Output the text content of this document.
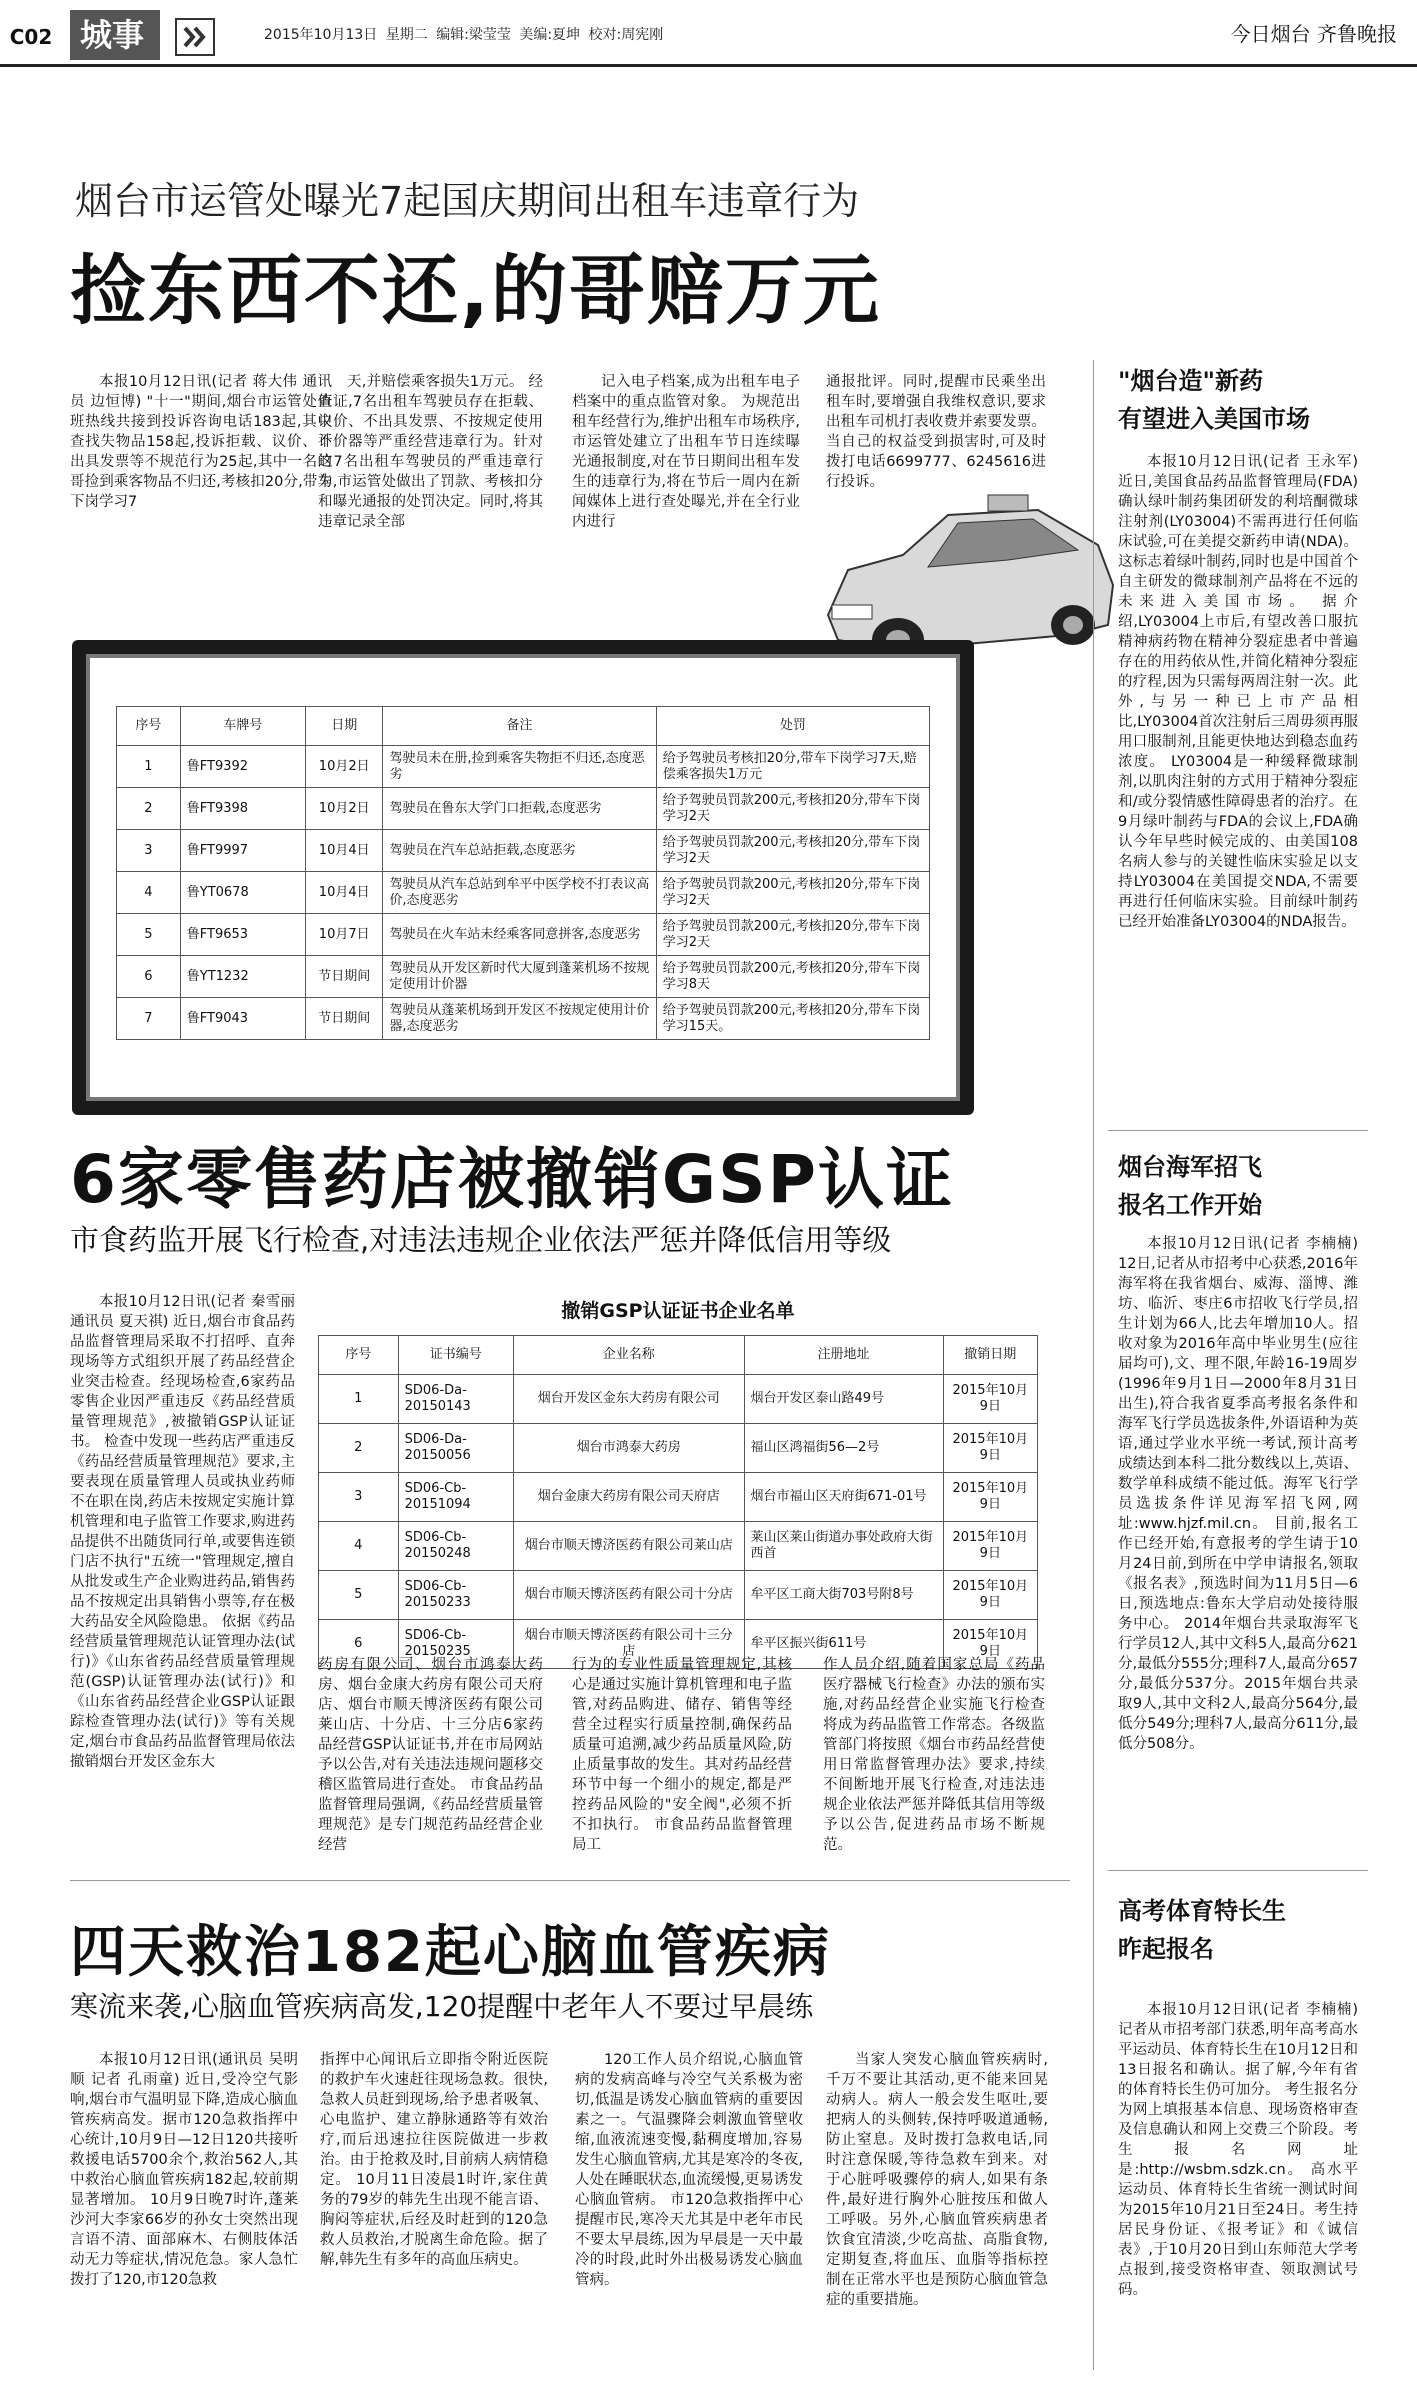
C02 城事	2015年10月13日 星期二 编辑:梁莹莹 美编:夏坤 校对:周宪刚	今日烟台 齐鲁晚报
烟台市运管处曝光7起国庆期间出租车违章行为
捡东西不还,的哥赔万元

本报10月12日讯(记者 蒋大伟 通讯员 边恒博) "十一"期间,烟台市运管处值班热线共接到投诉咨询电话183起,其中查找失物品158起,投诉拒载、议价、不出具发票等不规范行为25起,其中一名的哥捡到乘客物品不归还,考核扣20分,带车下岗学习7

天,并赔偿乘客损失1万元。 经查证,7名出租车驾驶员存在拒载、议价、不出具发票、不按规定使用计价器等严重经营违章行为。针对这7名出租车驾驶员的严重违章行为,市运管处做出了罚款、考核扣分和曝光通报的处罚决定。同时,将其违章记录全部

记入电子档案,成为出租车电子档案中的重点监管对象。 为规范出租车经营行为,维护出租车市场秩序,市运管处建立了出租车节日连续曝光通报制度,对在节日期间出租车发生的违章行为,将在节后一周内在新闻媒体上进行查处曝光,并在全行业内进行

通报批评。同时,提醒市民乘坐出租车时,要增强自我维权意识,要求出租车司机打表收费并索要发票。当自己的权益受到损害时,可及时拨打电话6699777、6245616进行投诉。

序号	车牌号	日期	备注	处罚
1	鲁FT9392	10月2日	驾驶员未在册,捡到乘客失物拒不归还,态度恶劣	给予驾驶员考核扣20分,带车下岗学习7天,赔偿乘客损失1万元
2	鲁FT9398	10月2日	驾驶员在鲁东大学门口拒载,态度恶劣	给予驾驶员罚款200元,考核扣20分,带车下岗学习2天
3	鲁FT9997	10月4日	驾驶员在汽车总站拒载,态度恶劣	给予驾驶员罚款200元,考核扣20分,带车下岗学习2天
4	鲁YT0678	10月4日	驾驶员从汽车总站到牟平中医学校不打表议高价,态度恶劣	给予驾驶员罚款200元,考核扣20分,带车下岗学习2天
5	鲁FT9653	10月7日	驾驶员在火车站未经乘客同意拼客,态度恶劣	给予驾驶员罚款200元,考核扣20分,带车下岗学习2天
6	鲁YT1232	节日期间	驾驶员从开发区新时代大厦到蓬莱机场不按规定使用计价器	给予驾驶员罚款200元,考核扣20分,带车下岗学习8天
7	鲁FT9043	节日期间	驾驶员从蓬莱机场到开发区不按规定使用计价器,态度恶劣	给予驾驶员罚款200元,考核扣20分,带车下岗学习15天。
6家零售药店被撤销GSP认证
市食药监开展飞行检查,对违法违规企业依法严惩并降低信用等级

本报10月12日讯(记者 秦雪丽 通讯员 夏天祺) 近日,烟台市食品药品监督管理局采取不打招呼、直奔现场等方式组织开展了药品经营企业突击检查。经现场检查,6家药品零售企业因严重违反《药品经营质量管理规范》,被撤销GSP认证证书。 检查中发现一些药店严重违反《药品经营质量管理规范》要求,主要表现在质量管理人员或执业药师不在职在岗,药店未按规定实施计算机管理和电子监管工作要求,购进药品提供不出随货同行单,或要售连锁门店不执行"五统一"管理规定,擅自从批发或生产企业购进药品,销售药品不按规定出具销售小票等,存在极大药品安全风险隐患。 依据《药品经营质量管理规范认证管理办法(试行)》《山东省药品经营质量管理规范(GSP)认证管理办法(试行)》和《山东省药品经营企业GSP认证跟踪检查管理办法(试行)》等有关规定,烟台市食品药品监督管理局依法撤销烟台开发区金东大

撤销GSP认证证书企业名单
序号	证书编号	企业名称	注册地址	撤销日期
1	SD06-Da-20150143	烟台开发区金东大药房有限公司	烟台开发区泰山路49号	2015年10月9日
2	SD06-Da-20150056	烟台市鸿泰大药房	福山区鸿福街56—2号	2015年10月9日
3	SD06-Cb-20151094	烟台金康大药房有限公司天府店	烟台市福山区天府街671-01号	2015年10月9日
4	SD06-Cb-20150248	烟台市顺天博济医药有限公司莱山店	莱山区莱山街道办事处政府大街西首	2015年10月9日
5	SD06-Cb-20150233	烟台市顺天博济医药有限公司十分店	牟平区工商大街703号附8号	2015年10月9日
6	SD06-Cb-20150235	烟台市顺天博济医药有限公司十三分店	牟平区振兴街611号	2015年10月9日

药房有限公司、烟台市鸿泰大药房、烟台金康大药房有限公司天府店、烟台市顺天博济医药有限公司莱山店、十分店、十三分店6家药品经营GSP认证证书,并在市局网站予以公告,对有关违法违规问题移交稽区监管局进行查处。 市食品药品监督管理局强调,《药品经营质量管理规范》是专门规范药品经营企业经营

行为的专业性质量管理规定,其核心是通过实施计算机管理和电子监管,对药品购进、储存、销售等经营全过程实行质量控制,确保药品质量可追溯,减少药品质量风险,防止质量事故的发生。其对药品经营环节中每一个细小的规定,都是严控药品风险的"安全阀",必须不折不扣执行。 市食品药品监督管理局工

作人员介绍,随着国家总局《药品医疗器械飞行检查》办法的颁布实施,对药品经营企业实施飞行检查将成为药品监管工作常态。各级监管部门将按照《烟台市药品经营使用日常监督管理办法》要求,持续不间断地开展飞行检查,对违法违规企业依法严惩并降低其信用等级予以公告,促进药品市场不断规范。

四天救治182起心脑血管疾病
寒流来袭,心脑血管疾病高发,120提醒中老年人不要过早晨练

本报10月12日讯(通讯员 吴明顺 记者 孔雨童) 近日,受冷空气影响,烟台市气温明显下降,造成心脑血管疾病高发。据市120急救指挥中心统计,10月9日—12日120共接听救援电话5700余个,救治562人,其中救治心脑血管疾病182起,较前期显著增加。 10月9日晚7时许,蓬莱沙河大李家66岁的孙女士突然出现言语不清、面部麻木、右侧肢体活动无力等症状,情况危急。家人急忙拨打了120,市120急救

指挥中心闻讯后立即指令附近医院的救护车火速赶往现场急救。很快,急救人员赶到现场,给予患者吸氧、心电监护、建立静脉通路等有效治疗,而后迅速拉往医院做进一步救治。由于抢救及时,目前病人病情稳定。 10月11日凌晨1时许,家住黄务的79岁的韩先生出现不能言语、胸闷等症状,后经及时赶到的120急救人员救治,才脱离生命危险。据了解,韩先生有多年的高血压病史。

120工作人员介绍说,心脑血管病的发病高峰与冷空气关系极为密切,低温是诱发心脑血管病的重要因素之一。气温骤降会刺激血管壁收缩,血液流速变慢,黏稠度增加,容易发生心脑血管病,尤其是寒冷的冬夜,人处在睡眠状态,血流缓慢,更易诱发心脑血管病。 市120急救指挥中心提醒市民,寒冷天尤其是中老年市民不要太早晨练,因为早晨是一天中最冷的时段,此时外出极易诱发心脑血管病。

当家人突发心脑血管疾病时,千万不要让其活动,更不能来回晃动病人。病人一般会发生呕吐,要把病人的头侧转,保持呼吸道通畅,防止窒息。及时拨打急救电话,同时注意保暖,等待急救车到来。对于心脏呼吸骤停的病人,如果有条件,最好进行胸外心脏按压和做人工呼吸。另外,心脑血管疾病患者饮食宜清淡,少吃高盐、高脂食物,定期复查,将血压、血脂等指标控制在正常水平也是预防心脑血管急症的重要措施。

"烟台造"新药
有望进入美国市场

本报10月12日讯(记者 王永军) 近日,美国食品药品监督管理局(FDA)确认绿叶制药集团研发的利培酮微球注射剂(LY03004)不需再进行任何临床试验,可在美提交新药申请(NDA)。这标志着绿叶制药,同时也是中国首个自主研发的微球制剂产品将在不远的未来进入美国市场。 据介绍,LY03004上市后,有望改善口服抗精神病药物在精神分裂症患者中普遍存在的用药依从性,并简化精神分裂症的疗程,因为只需每两周注射一次。此外,与另一种已上市产品相比,LY03004首次注射后三周毋须再服用口服制剂,且能更快地达到稳态血药浓度。 LY03004是一种缓释微球制剂,以肌肉注射的方式用于精神分裂症和/或分裂情感性障碍患者的治疗。在9月绿叶制药与FDA的会议上,FDA确认今年早些时候完成的、由美国108名病人参与的关键性临床实验足以支持LY03004在美国提交NDA,不需要再进行任何临床实验。目前绿叶制药已经开始准备LY03004的NDA报告。

烟台海军招飞
报名工作开始

本报10月12日讯(记者 李楠楠) 12日,记者从市招考中心获悉,2016年海军将在我省烟台、威海、淄博、潍坊、临沂、枣庄6市招收飞行学员,招生计划为66人,比去年增加10人。招收对象为2016年高中毕业男生(应往届均可),文、理不限,年龄16-19周岁(1996年9月1日—2000年8月31日出生),符合我省夏季高考报名条件和海军飞行学员选拔条件,外语语种为英语,通过学业水平统一考试,预计高考成绩达到本科二批分数线以上,英语、数学单科成绩不能过低。海军飞行学员选拔条件详见海军招飞网,网址:www.hjzf.mil.cn。 目前,报名工作已经开始,有意报考的学生请于10月24日前,到所在中学申请报名,领取《报名表》,预选时间为11月5日—6日,预选地点:鲁东大学启动处接待服务中心。 2014年烟台共录取海军飞行学员12人,其中文科5人,最高分621分,最低分555分;理科7人,最高分657分,最低分537分。2015年烟台共录取9人,其中文科2人,最高分564分,最低分549分;理科7人,最高分611分,最低分508分。

高考体育特长生
昨起报名

本报10月12日讯(记者 李楠楠) 记者从市招考部门获悉,明年高考高水平运动员、体育特长生在10月12日和13日报名和确认。据了解,今年有省的体育特长生仍可加分。 考生报名分为网上填报基本信息、现场资格审查及信息确认和网上交费三个阶段。考生报名网址是:http://wsbm.sdzk.cn。 高水平运动员、体育特长生省统一测试时间为2015年10月21日至24日。考生持居民身份证、《报考证》和《诚信表》,于10月20日到山东师范大学考点报到,接受资格审查、领取测试号码。
